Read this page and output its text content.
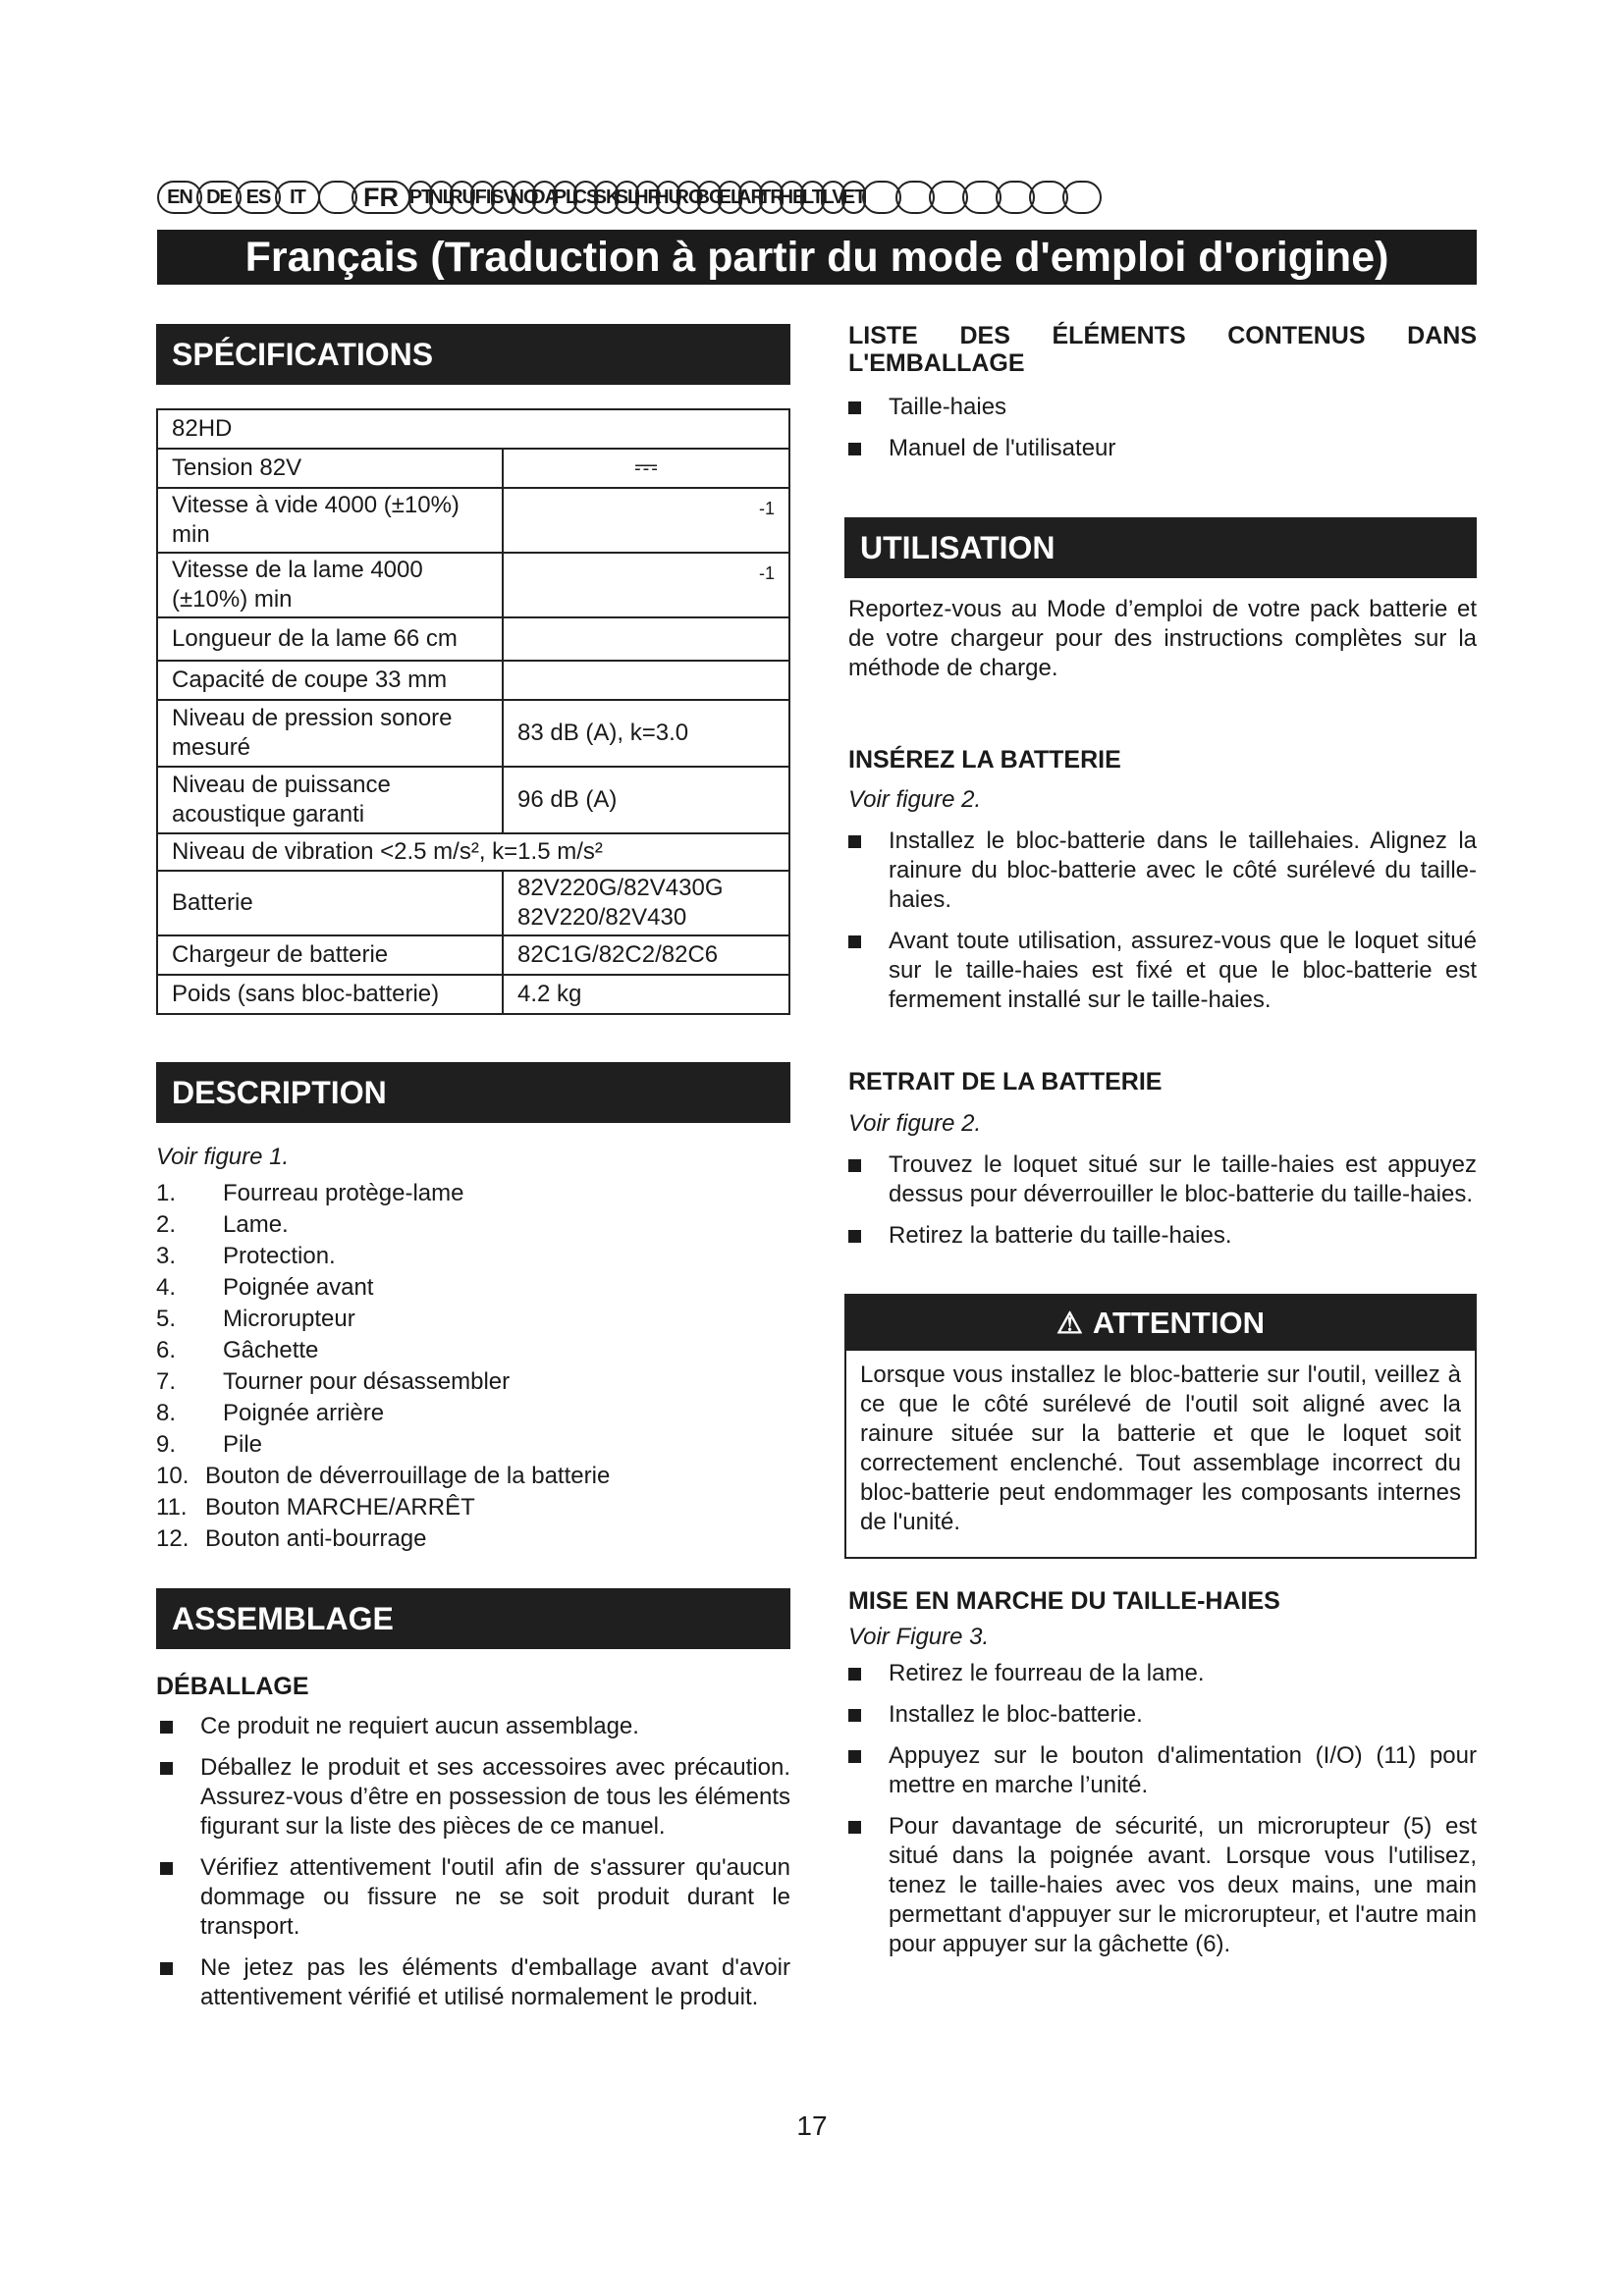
EN DE ES IT	FR PT
NL
RU FI SV
NO
DA
PL
CS
SK
SL
HR
HU
RO
BG
EL
AR
TR
HE
LT LV
ET
Français (Traduction à partir du mode d'emploi d'origine)
SPÉCIFICATIONS
82HD	
Tension 82V	⎓
Vitesse à vide 4000 (±10%) min	-1

Vitesse de la lame 4000 (±10%) min	-1

Longueur de la lame 66 cm	
Capacité de coupe 33 mm	
Niveau de pression sonore mesuré	83 dB (A), k=3.0
Niveau de puissance acoustique garanti	96 dB (A)
Niveau de vibration <2.5 m/s², k=1.5 m/s²	
Batterie	82V220G/82V430G
82V220/82V430
Chargeur de batterie	82C1G/82C2/82C6
Poids (sans bloc-batterie)	4.2 kg
DESCRIPTION
Voir figure 1.
1. Fourreau protège-lame
2. Lame.
3. Protection.
4. Poignée avant
5. Microrupteur
6. Gâchette
7. Tourner pour désassembler
8. Poignée arrière
9. Pile
10. Bouton de déverrouillage de la batterie
11. Bouton MARCHE/ARRÊT
12. Bouton anti-bourrage
ASSEMBLAGE
DÉBALLAGE
Ce produit ne requiert aucun assemblage.
Déballez le produit et ses accessoires avec précaution. Assurez-vous d’être en possession de tous les éléments figurant sur la liste des pièces de ce manuel.
Vérifiez attentivement l'outil afin de s'assurer qu'aucun dommage ou fissure ne se soit produit durant le transport.
Ne jetez pas les éléments d'emballage avant d'avoir attentivement vérifié et utilisé normalement le produit.
LISTE DES ÉLÉMENTS CONTENUS DANS
L'EMBALLAGE
Taille-haies
Manuel de l'utilisateur
UTILISATION
Reportez-vous au Mode d’emploi de votre pack batterie et de votre chargeur pour des instructions complètes sur la méthode de charge.
INSÉREZ LA BATTERIE
Voir figure 2.
Installez le bloc-batterie dans le taillehaies. Alignez la rainure du bloc-batterie avec le côté surélevé du taille-haies.
Avant toute utilisation, assurez-vous que le loquet situé sur le taille-haies est fixé et que le bloc-batterie est fermement installé sur le taille-haies.
RETRAIT DE LA BATTERIE
Voir figure 2.
Trouvez le loquet situé sur le taille-haies est appuyez dessus pour déverrouiller le bloc-batterie du taille-haies.
Retirez la batterie du taille-haies.
⚠ ATTENTION
Lorsque vous installez le bloc-batterie sur l'outil, veillez à ce que le côté surélevé de l'outil soit aligné avec la rainure située sur la batterie et que le loquet soit correctement enclenché. Tout assemblage incorrect du bloc-batterie peut endommager les composants internes de l'unité.
MISE EN MARCHE DU TAILLE-HAIES
Voir Figure 3.
Retirez le fourreau de la lame.
Installez le bloc-batterie.
Appuyez sur le bouton d'alimentation (I/O) (11) pour mettre en marche l’unité.
Pour davantage de sécurité, un microrupteur (5) est situé dans la poignée avant. Lorsque vous l'utilisez, tenez le taille-haies avec vos deux mains, une main permettant d'appuyer sur le microrupteur, et l'autre main pour appuyer sur la gâchette (6).
17
